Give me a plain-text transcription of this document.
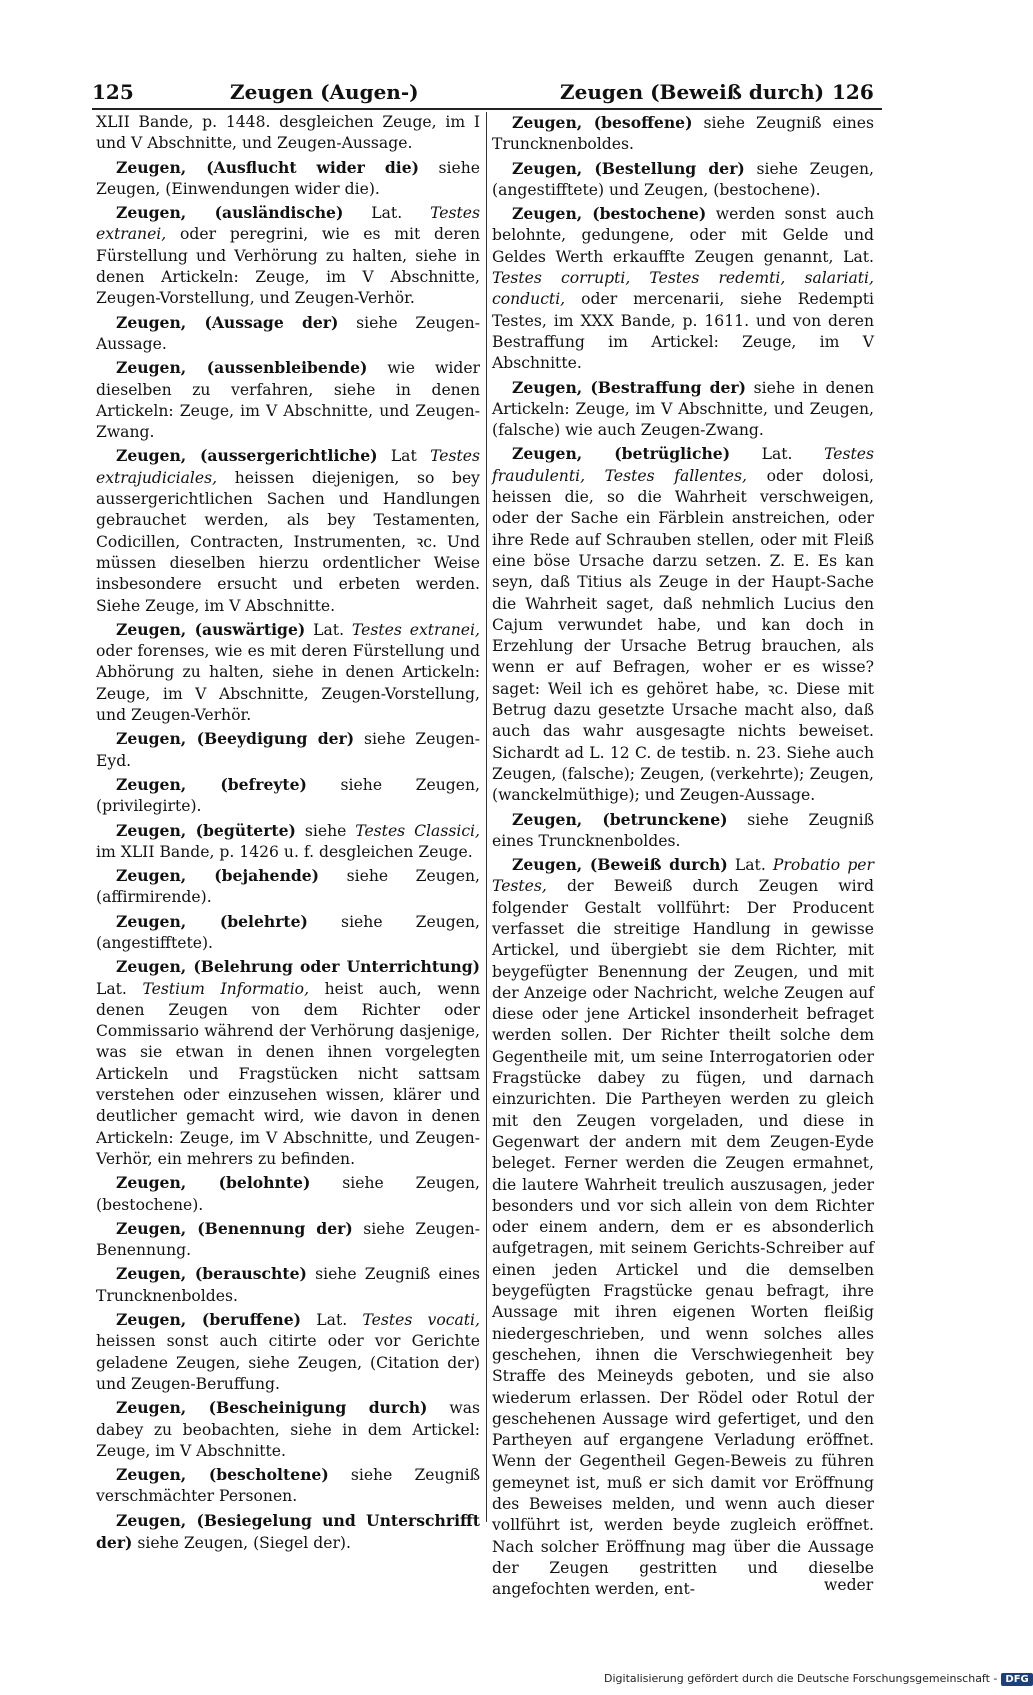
125	Zeugen (Augen-)	Zeugen (Beweiß durch) 126

XLII Bande, p. 1448. desgleichen Zeuge, im I und V Abschnitte, und Zeugen-Aussage.

Zeugen, (Ausflucht wider die) siehe Zeugen, (Einwendungen wider die).

Zeugen, (ausländische) Lat. Testes extranei, oder peregrini, wie es mit deren Fürstellung und Verhörung zu halten, siehe in denen Artickeln: Zeuge, im V Abschnitte, Zeugen-Vorstellung, und Zeugen-Verhör.

Zeugen, (Aussage der) siehe Zeugen-Aussage.

Zeugen, (aussenbleibende) wie wider dieselben zu verfahren, siehe in denen Artickeln: Zeuge, im V Abschnitte, und Zeugen-Zwang.

Zeugen, (aussergerichtliche) Lat Testes extrajudiciales, heissen diejenigen, so bey aussergerichtlichen Sachen und Handlungen gebrauchet werden, als bey Testamenten, Codicillen, Contracten, Instrumenten, ꝛc. Und müssen dieselben hierzu ordentlicher Weise insbesondere ersucht und erbeten werden. Siehe Zeuge, im V Abschnitte.

Zeugen, (auswärtige) Lat. Testes extranei, oder forenses, wie es mit deren Fürstellung und Abhörung zu halten, siehe in denen Artickeln: Zeuge, im V Abschnitte, Zeugen-Vorstellung, und Zeugen-Verhör.

Zeugen, (Beeydigung der) siehe Zeugen-Eyd.

Zeugen, (befreyte) siehe Zeugen, (privilegirte).

Zeugen, (begüterte) siehe Testes Classici, im XLII Bande, p. 1426 u. f. desgleichen Zeuge.

Zeugen, (bejahende) siehe Zeugen, (affirmirende).

Zeugen, (belehrte) siehe Zeugen, (angestifftete).

Zeugen, (Belehrung oder Unterrichtung) Lat. Testium Informatio, heist auch, wenn denen Zeugen von dem Richter oder Commissario während der Verhörung dasjenige, was sie etwan in denen ihnen vorgelegten Artickeln und Fragstücken nicht sattsam verstehen oder einzusehen wissen, klärer und deutlicher gemacht wird, wie davon in denen Artickeln: Zeuge, im V Abschnitte, und Zeugen-Verhör, ein mehrers zu befinden.

Zeugen, (belohnte) siehe Zeugen, (bestochene).

Zeugen, (Benennung der) siehe Zeugen-Benennung.

Zeugen, (berauschte) siehe Zeugniß eines Truncknenboldes.

Zeugen, (beruffene) Lat. Testes vocati, heissen sonst auch citirte oder vor Gerichte geladene Zeugen, siehe Zeugen, (Citation der) und Zeugen-Beruffung.

Zeugen, (Bescheinigung durch) was dabey zu beobachten, siehe in dem Artickel: Zeuge, im V Abschnitte.

Zeugen, (bescholtene) siehe Zeugniß verschmächter Personen.

Zeugen, (Besiegelung und Unterschrifft der) siehe Zeugen, (Siegel der).

Zeugen, (besoffene) siehe Zeugniß eines Truncknenboldes.

Zeugen, (Bestellung der) siehe Zeugen, (angestifftete) und Zeugen, (bestochene).

Zeugen, (bestochene) werden sonst auch belohnte, gedungene, oder mit Gelde und Geldes Werth erkauffte Zeugen genannt, Lat. Testes corrupti, Testes redemti, salariati, conducti, oder mercenarii, siehe Redempti Testes, im XXX Bande, p. 1611. und von deren Bestraffung im Artickel: Zeuge, im V Abschnitte.

Zeugen, (Bestraffung der) siehe in denen Artickeln: Zeuge, im V Abschnitte, und Zeugen, (falsche) wie auch Zeugen-Zwang.

Zeugen, (betrügliche) Lat. Testes fraudulenti, Testes fallentes, oder dolosi, heissen die, so die Wahrheit verschweigen, oder der Sache ein Färblein anstreichen, oder ihre Rede auf Schrauben stellen, oder mit Fleiß eine böse Ursache darzu setzen. Z. E. Es kan seyn, daß Titius als Zeuge in der Haupt-Sache die Wahrheit saget, daß nehmlich Lucius den Cajum verwundet habe, und kan doch in Erzehlung der Ursache Betrug brauchen, als wenn er auf Befragen, woher er es wisse? saget: Weil ich es gehöret habe, ꝛc. Diese mit Betrug dazu gesetzte Ursache macht also, daß auch das wahr ausgesagte nichts beweiset. Sichardt ad L. 12 C. de testib. n. 23. Siehe auch Zeugen, (falsche); Zeugen, (verkehrte); Zeugen, (wanckelmüthige); und Zeugen-Aussage.

Zeugen, (betrunckene) siehe Zeugniß eines Truncknenboldes.

Zeugen, (Beweiß durch) Lat. Probatio per Testes, der Beweiß durch Zeugen wird folgender Gestalt vollführt: Der Producent verfasset die streitige Handlung in gewisse Artickel, und übergiebt sie dem Richter, mit beygefügter Benennung der Zeugen, und mit der Anzeige oder Nachricht, welche Zeugen auf diese oder jene Artickel insonderheit befraget werden sollen. Der Richter theilt solche dem Gegentheile mit, um seine Interrogatorien oder Fragstücke dabey zu fügen, und darnach einzurichten. Die Partheyen werden zu gleich mit den Zeugen vorgeladen, und diese in Gegenwart der andern mit dem Zeugen-Eyde beleget. Ferner werden die Zeugen ermahnet, die lautere Wahrheit treulich auszusagen, jeder besonders und vor sich allein von dem Richter oder einem andern, dem er es absonderlich aufgetragen, mit seinem Gerichts-Schreiber auf einen jeden Artickel und die demselben beygefügten Fragstücke genau befragt, ihre Aussage mit ihren eigenen Worten fleißig niedergeschrieben, und wenn solches alles geschehen, ihnen die Verschwiegenheit bey Straffe des Meineyds geboten, und sie also wiederum erlassen. Der Rödel oder Rotul der geschehenen Aussage wird gefertiget, und den Partheyen auf ergangene Verladung eröffnet. Wenn der Gegentheil Gegen-Beweis zu führen gemeynet ist, muß er sich damit vor Eröffnung des Beweises melden, und wenn auch dieser vollführt ist, werden beyde zugleich eröffnet. Nach solcher Eröffnung mag über die Aussage der Zeugen gestritten und dieselbe angefochten werden, ent-	weder
Digitalisierung gefördert durch die Deutsche Forschungsgemeinschaft - DFG
